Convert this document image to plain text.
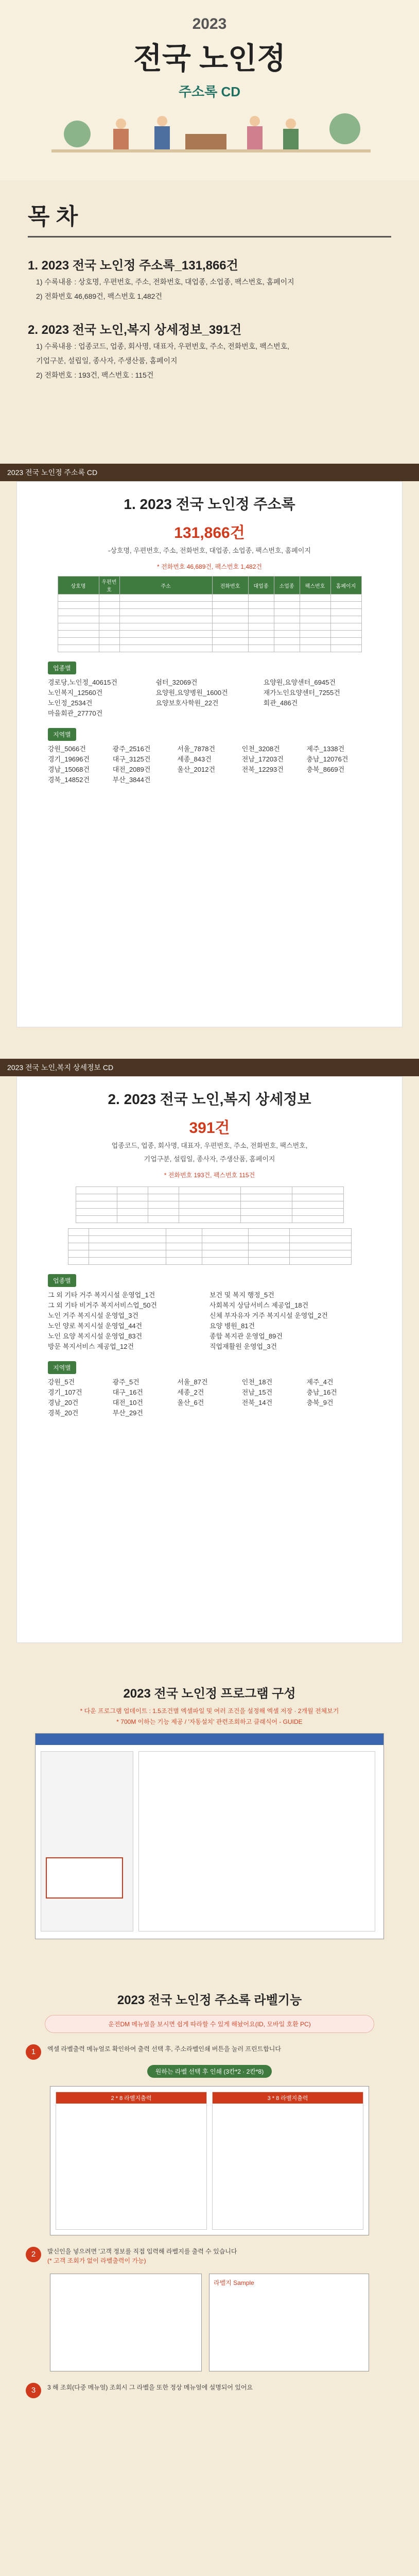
2023
전국 노인정
주소록 CD
목 차
1. 2023 전국 노인정 주소록_131,866건

1) 수록내용 : 상호명, 우편번호, 주소, 전화번호, 대업종, 소업종, 팩스번호, 홈페이지

2) 전화번호 46,689건, 팩스번호 1,482건

2. 2023 전국 노인,복지 상세정보_391건

1) 수록내용 : 업종코드, 업종, 회사명, 대표자, 우편번호, 주소, 전화번호, 팩스번호,

기업구분, 설립일, 종사자, 주생산품, 홈페이지

2) 전화번호 : 193건, 팩스번호 : 115건

2023 전국 노인정 주소록 CD
1. 2023 전국 노인정 주소록
131,866건
-상호명, 우편번호, 주소, 전화번호, 대업종, 소업종, 팩스번호, 홈페이지
* 전화번호 46,689건, 팩스번호 1,482건
상호명	우편번호	주소	전화번호	대업종	소업종	팩스번호	홈페이지

업종별

경로당,노인정_40615건

노인복지_12560건

노인정_2534건

마을회관_27770건

쉼터_32069건

요양원,요양병원_1600건

요양보호사학원_22건

요양원,요양센터_6945건

재가노인요양센터_7255건

회관_486건

지역별

강원_5066건

경기_19696건

경남_15068건

경북_14852건

광주_2516건

대구_3125건

대전_2089건

부산_3844건

서울_7878건

세종_843건

울산_2012건

인천_3208건

전남_17203건

전북_12293건

제주_1338건

충남_12076건

충북_8669건

2023 전국 노인,복지 상세정보 CD
2. 2023 전국 노인,복지 상세정보
391건
업종코드, 업종, 회사명, 대표자, 우편번호, 주소, 전화번호, 팩스번호,
기업구분, 설립일, 종사자, 주생산품, 홈페이지
* 전화번호 193건, 팩스번호 115건

업종별

그 외 기타 거주 복지시설 운영업_1건

그 외 기타 비거주 복지서비스업_50건

노인 거주 복지시설 운영업_3건

노인 양로 복지시설 운영업_44건

노인 요양 복지시설 운영업_83건

방문 복지서비스 제공업_12건

보건 및 복지 행정_5건

사회복지 상담서비스 제공업_18건

신체 부자유자 거주 복지시설 운영업_2건

요양 병원_81건

종합 복지관 운영업_89건

직업재활원 운영업_3건

지역별

강원_5건

경기_107건

경남_20건

경북_20건

광주_5건

대구_16건

대전_10건

부산_29건

서울_87건

세종_2건

울산_6건

인천_18건

전남_15건

전북_14건

제주_4건

충남_16건

충북_9건

2023 전국 노인정 프로그램 구성
* 다운 프로그램 업데이트 : 1.5조건별 엑셀파일 및 여러 조건을 설정해 엑셀 저장 · 2개월 전체보기
* 700M 이하는 기능 제공 / '자동설치' 관련조회하고 클래식어 - GUIDE
2023 전국 노인정 주소록 라벨기능
운전DM 메뉴얼을 보시면 쉽게 따라할 수 있게 해놨어요(ID, 모바일 호환 PC)
1	엑셀 라벨출력 메뉴얼로 확인하여 출력 선택 후, 주소라벨인쇄 버튼을 눌러 프린트합니다
원하는 라벨 선택 후 인쇄 (3칸*2 · 2칸*8)
2 * 8 라벨지출력	3 * 8 라벨지출력
2	발신인을 넣으려면 '고객 정보를 직접 입력해 라벨지를 출력 수 있습니다
(* 고객 조회가 없이 라벨출력이 가능)
라벨지 Sample
3	3 해 조회(다중 메뉴얼) 조회시 그 라벨을 또한 정상 메뉴얼에 설명되어 있어요
